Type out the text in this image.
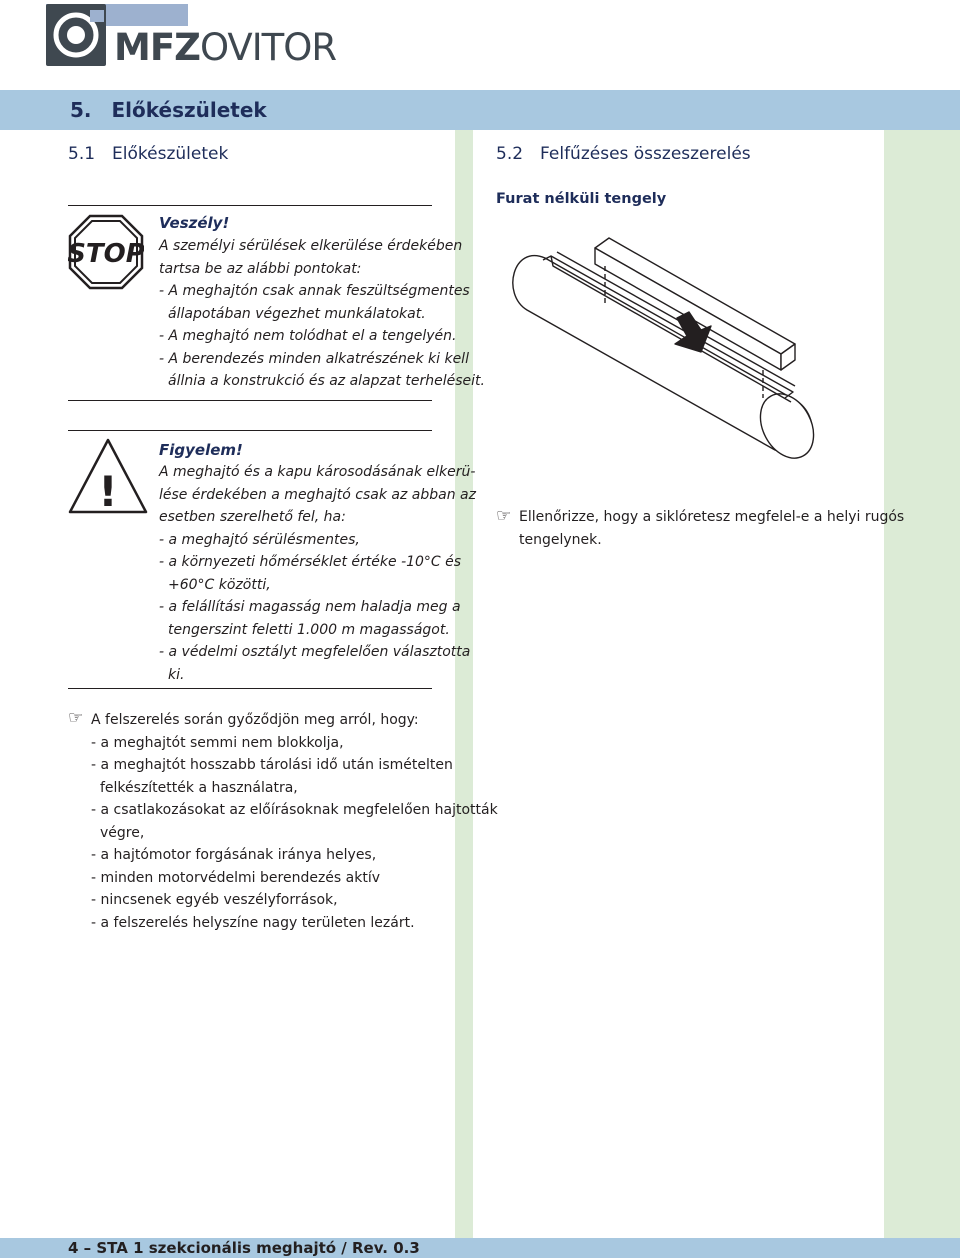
MFZOVITOR
5. Előkészületek
5.1 Előkészületek
STOP
Veszély!
A személyi sérülések elkerülése érdekében
tartsa be az alábbi pontokat:
- A meghajtón csak annak feszültségmentes
állapotában végezhet munkálatokat.
- A meghajtó nem tolódhat el a tengelyén.
- A berendezés minden alkatrészének ki kell
állnia a konstrukció és az alapzat terheléseit.
!
Figyelem!
A meghajtó és a kapu károsodásának elkerü-
lése érdekében a meghajtó csak az abban az
esetben szerelhető fel, ha:
- a meghajtó sérülésmentes,
- a környezeti hőmérséklet értéke -10°C és
+60°C közötti,
- a felállítási magasság nem haladja meg a
tengerszint feletti 1.000 m magasságot.
- a védelmi osztályt megfelelően választotta
ki.
☞ A felszerelés során győződjön meg arról, hogy:
- a meghajtót semmi nem blokkolja,
- a meghajtót hosszabb tárolási idő után ismételten
felkészítették a használatra,
- a csatlakozásokat az előírásoknak megfelelően hajtották
végre,
- a hajtómotor forgásának iránya helyes,
- minden motorvédelmi berendezés aktív
- nincsenek egyéb veszélyforrások,
- a felszerelés helyszíne nagy területen lezárt.
5.2 Felfűzéses összeszerelés
Furat nélküli tengely
☞ Ellenőrizze, hogy a siklóretesz megfelel-e a helyi rugós
tengelynek.
4 – STA 1 szekcionális meghajtó / Rev. 0.3
